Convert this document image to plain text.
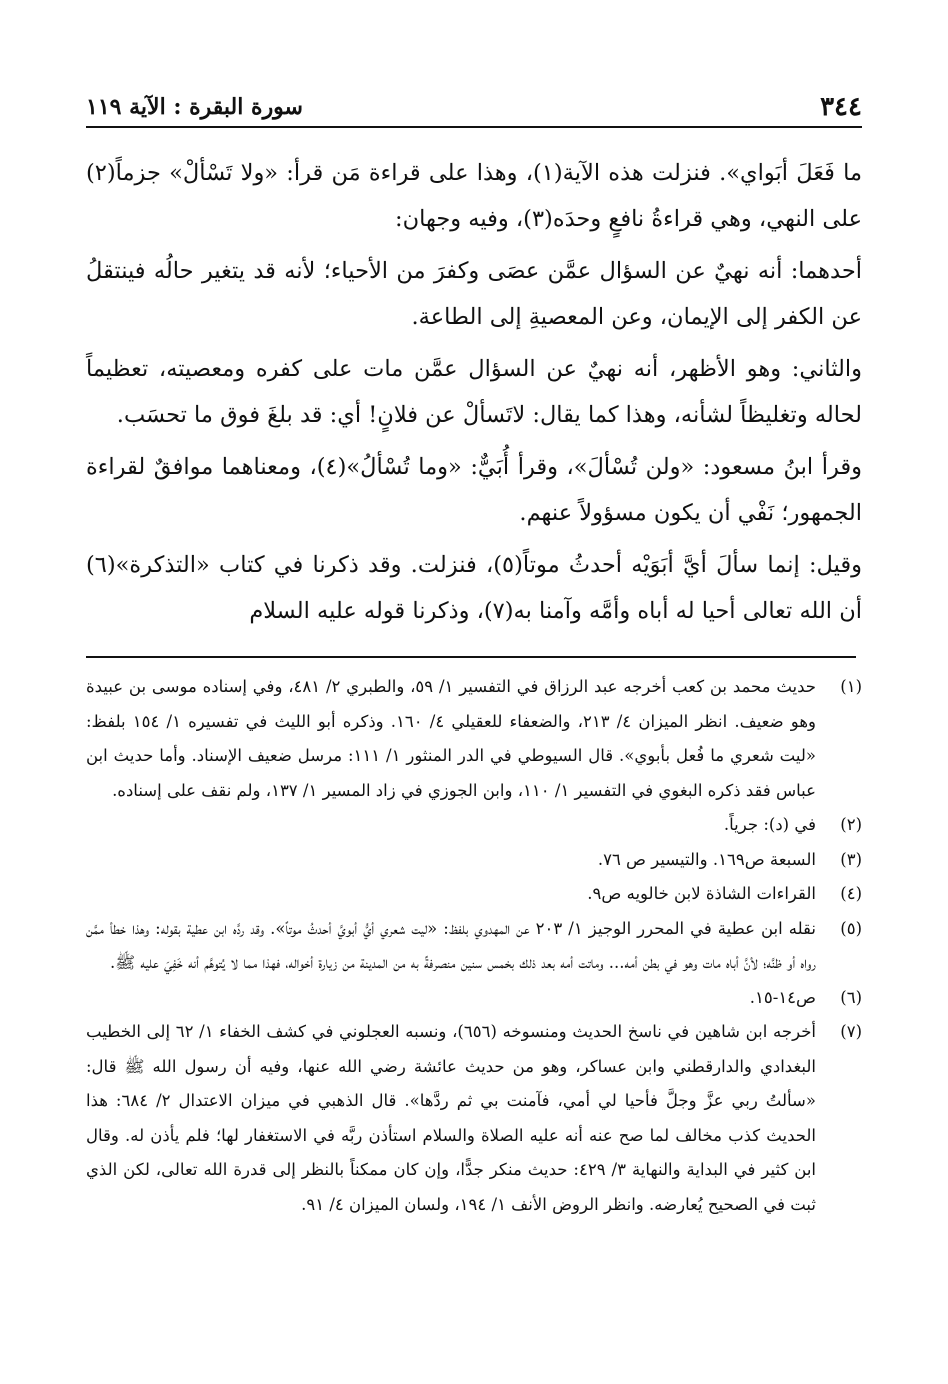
٣٤٤
سورة البقرة : الآية ١١٩

ما فَعَلَ أبَواي». فنزلت هذه الآية(١)، وهذا على قراءة مَن قرأ: «ولا تَسْألْ» جزماً(٢) على النهي، وهي قراءةُ نافعٍ وحدَه(٣)، وفيه وجهان:

أحدهما: أنه نهيٌ عن السؤال عمَّن عصَى وكفرَ من الأحياء؛ لأنه قد يتغير حالُه فينتقلُ عن الكفر إلى الإيمان، وعن المعصيةِ إلى الطاعة.

والثاني: وهو الأظهر، أنه نهيٌ عن السؤال عمَّن مات على كفره ومعصيته، تعظيماً لحاله وتغليظاً لشأنه، وهذا كما يقال: لاتَسألْ عن فلانٍ! أي: قد بلغَ فوق ما تحسَب.

وقرأ ابنُ مسعود: «ولن تُسْألَ»، وقرأ أُبَيٌّ: «وما تُسْألُ»(٤)، ومعناهما موافقٌ لقراءة الجمهور؛ نَفْي أن يكون مسؤولاً عنهم.

وقيل: إنما سألَ أيَّ أبَوَيْه أحدثُ موتاً(٥)، فنزلت. وقد ذكرنا في كتاب «التذكرة»(٦) أن الله تعالى أحيا له أباه وأمَّه وآمنا به(٧)، وذكرنا قوله عليه السلام

(١)
حديث محمد بن كعب أخرجه عبد الرزاق في التفسير ١/ ٥٩، والطبري ٢/ ٤٨١، وفي إسناده موسى بن عبيدة وهو ضعيف. انظر الميزان ٤/ ٢١٣، والضعفاء للعقيلي ٤/ ١٦٠. وذكره أبو الليث في تفسيره ١/ ١٥٤ بلفظ: «ليت شعري ما فُعل بأبوي». قال السيوطي في الدر المنثور ١/ ١١١: مرسل ضعيف الإسناد. وأما حديث ابن عباس فقد ذكره البغوي في التفسير ١/ ١١٠، وابن الجوزي في زاد المسير ١/ ١٣٧، ولم نقف على إسناده.
(٢)
في (د): جرياً.
(٣)
السبعة ص١٦٩. والتيسير ص ٧٦.
(٤)
القراءات الشاذة لابن خالويه ص٩.
(٥)
نقله ابن عطية في المحرر الوجيز ١/ ٢٠٣ عن المهدوي بلفظ: «ليت شعري أيُّ أبويَّ أحدثُ موتاً». وقد ردَّه ابن عطية بقوله: وهذا خطأ ممَّن رواه أو ظنَّه؛ لأنَّ أباه مات وهو في بطن أمه... وماتت أمه بعد ذلك بخمس سنين منصرفةً به من المدينة من زيارة أخواله، فهذا مما لا يُتوهَّم أنه خَفِيَ عليه ﷺ.
(٦)
ص١٤-١٥.
(٧)
أخرجه ابن شاهين في ناسخ الحديث ومنسوخه (٦٥٦)، ونسبه العجلوني في كشف الخفاء ١/ ٦٢ إلى الخطيب البغدادي والدارقطني وابن عساكر، وهو من حديث عائشة رضي الله عنها، وفيه أن رسول الله ﷺ قال: «سألتُ ربي عزَّ وجلَّ فأحيا لي أمي، فآمنت بي ثم ردَّها». قال الذهبي في ميزان الاعتدال ٢/ ٦٨٤: هذا الحديث كذب مخالف لما صح عنه أنه عليه الصلاة والسلام استأذن ربَّه في الاستغفار لها؛ فلم يأذن له. وقال ابن كثير في البداية والنهاية ٣/ ٤٢٩: حديث منكر جدًّا، وإن كان ممكناً بالنظر إلى قدرة الله تعالى، لكن الذي ثبت في الصحيح يُعارضه. وانظر الروض الأنف ١/ ١٩٤، ولسان الميزان ٤/ ٩١.
